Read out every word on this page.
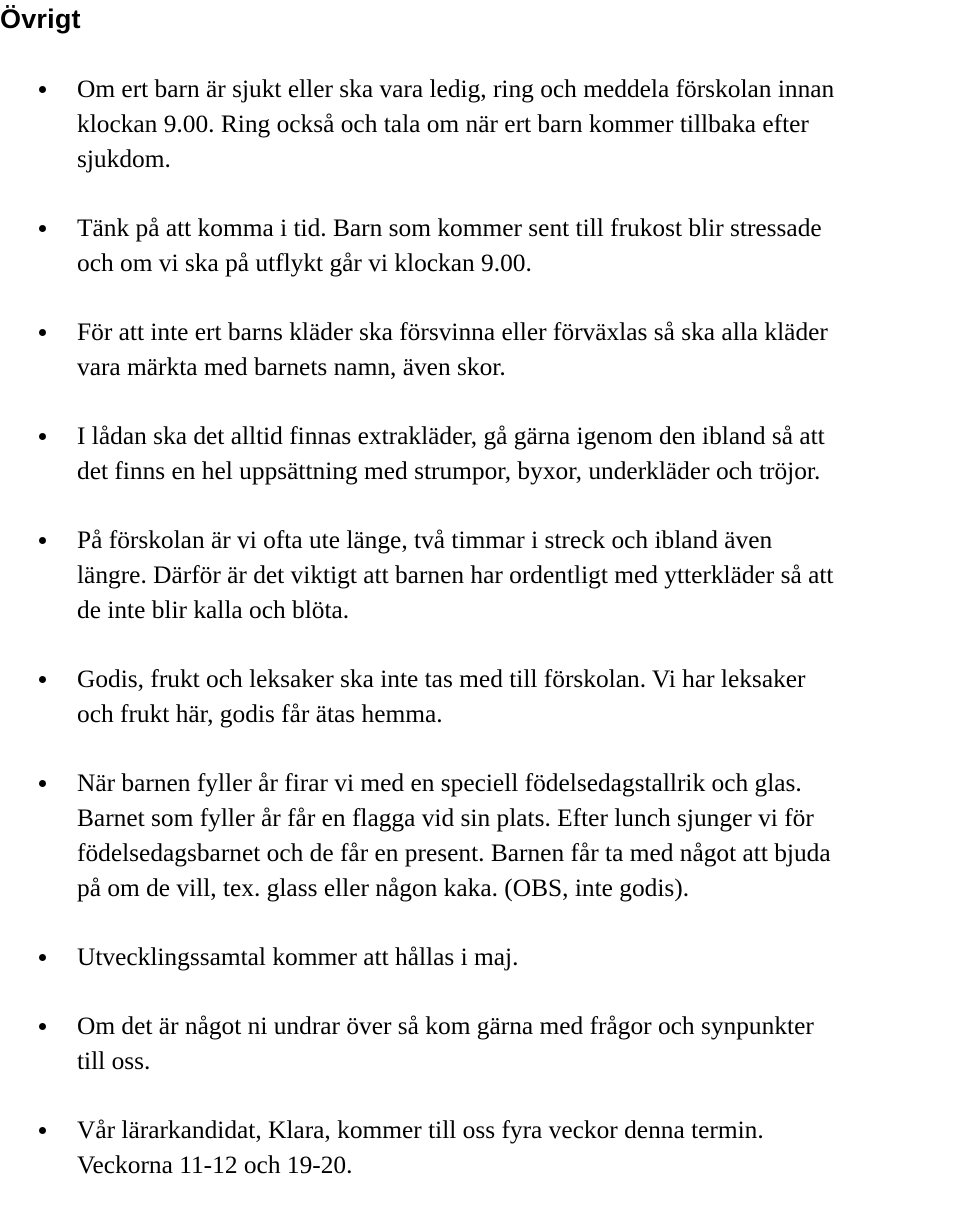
Övrigt
Om ert barn är sjukt eller ska vara ledig, ring och meddela förskolan innan
klockan 9.00. Ring också och tala om när ert barn kommer tillbaka efter
sjukdom.
Tänk på att komma i tid. Barn som kommer sent till frukost blir stressade
och om vi ska på utflykt går vi klockan 9.00.
För att inte ert barns kläder ska försvinna eller förväxlas så ska alla kläder
vara märkta med barnets namn, även skor.
I lådan ska det alltid finnas extrakläder, gå gärna igenom den ibland så att
det finns en hel uppsättning med strumpor, byxor, underkläder och tröjor.
På förskolan är vi ofta ute länge, två timmar i streck och ibland även
längre. Därför är det viktigt att barnen har ordentligt med ytterkläder så att
de inte blir kalla och blöta.
Godis, frukt och leksaker ska inte tas med till förskolan. Vi har leksaker
och frukt här, godis får ätas hemma.
När barnen fyller år firar vi med en speciell födelsedagstallrik och glas.
Barnet som fyller år får en flagga vid sin plats. Efter lunch sjunger vi för
födelsedagsbarnet och de får en present. Barnen får ta med något att bjuda
på om de vill, tex. glass eller någon kaka. (OBS, inte godis).
Utvecklingssamtal kommer att hållas i maj.
Om det är något ni undrar över så kom gärna med frågor och synpunkter
till oss.
Vår lärarkandidat, Klara, kommer till oss fyra veckor denna termin.
Veckorna 11-12 och 19-20.
